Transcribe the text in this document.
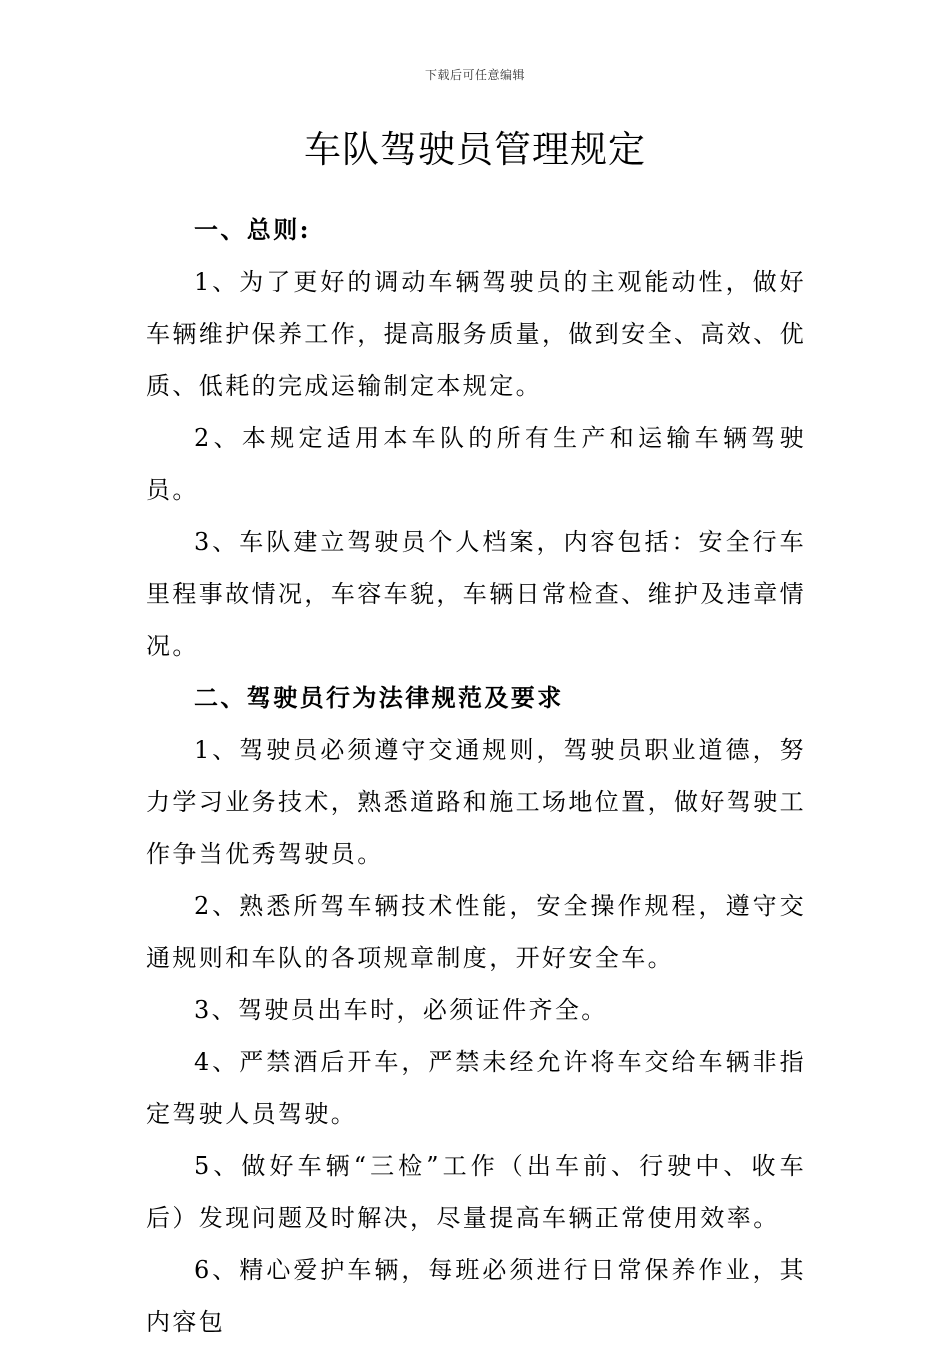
下载后可任意编辑
车队驾驶员管理规定

一、总则:

1、为了更好的调动车辆驾驶员的主观能动性，做好车辆维护保养工作，提高服务质量，做到安全、高效、优质、低耗的完成运输制定本规定。

2、本规定适用本车队的所有生产和运输车辆驾驶员。

3、车队建立驾驶员个人档案，内容包括：安全行车里程事故情况，车容车貌，车辆日常检查、维护及违章情况。

二、驾驶员行为法律规范及要求

1、驾驶员必须遵守交通规则，驾驶员职业道德，努力学习业务技术，熟悉道路和施工场地位置，做好驾驶工作争当优秀驾驶员。

2、熟悉所驾车辆技术性能，安全操作规程，遵守交通规则和车队的各项规章制度，开好安全车。

3、驾驶员出车时，必须证件齐全。

4、严禁酒后开车，严禁未经允许将车交给车辆非指定驾驶人员驾驶。

5、做好车辆“三检”工作（出车前、行驶中、收车后）发现问题及时解决，尽量提高车辆正常使用效率。

6、精心爱护车辆，每班必须进行日常保养作业，其内容包
